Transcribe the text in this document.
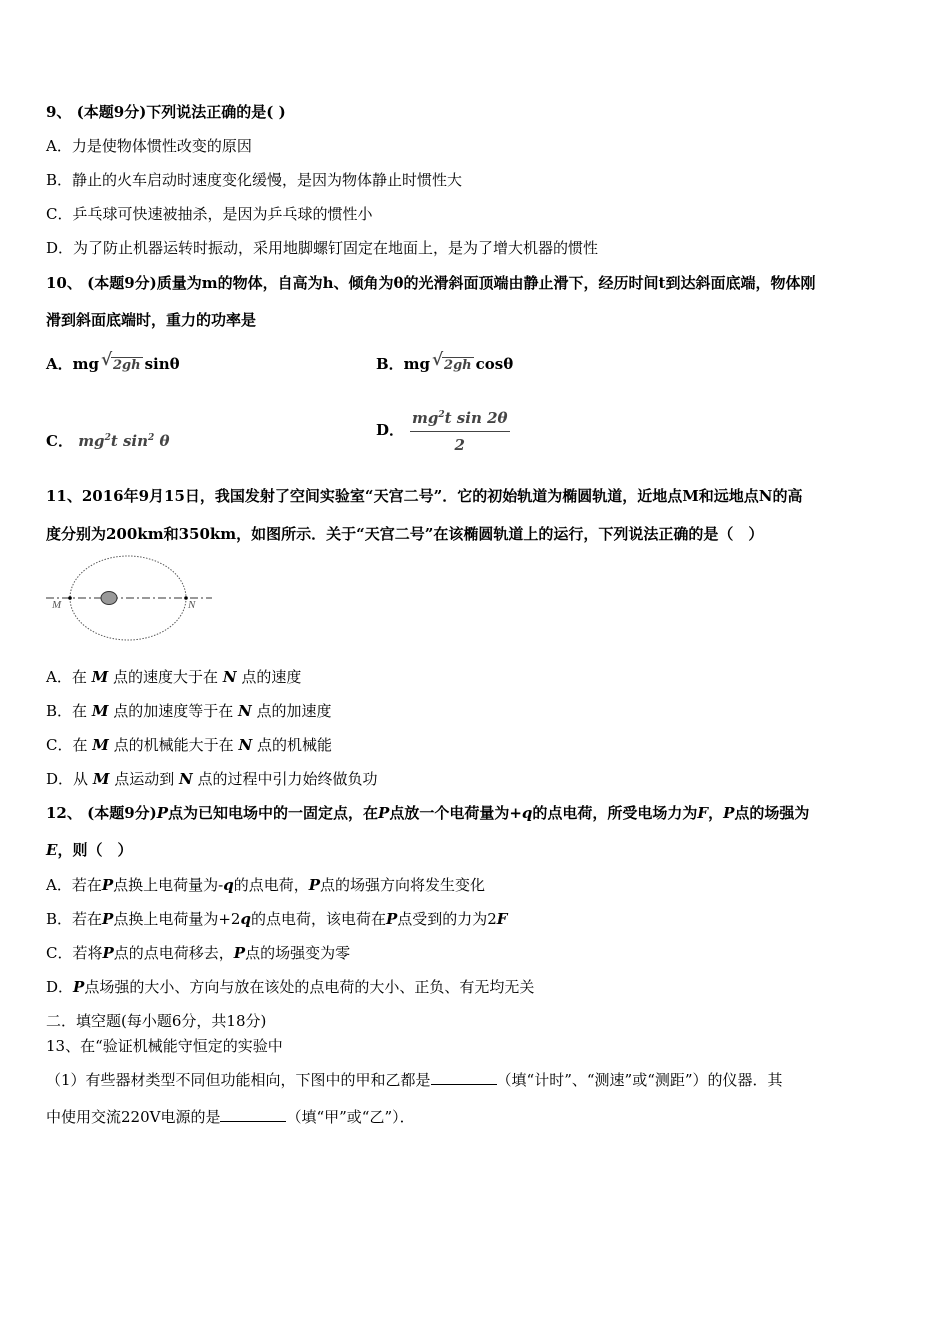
9、 (本题9分)下列说法正确的是( )
A．力是使物体惯性改变的原因
B．静止的火车启动时速度变化缓慢，是因为物体静止时惯性大
C．乒乓球可快速被抽杀，是因为乒乓球的惯性小
D．为了防止机器运转时振动，采用地脚螺钉固定在地面上，是为了增大机器的惯性
10、 (本题9分)质量为m的物体，自高为h、倾角为θ的光滑斜面顶端由静止滑下，经历时间t到达斜面底端，物体刚
滑到斜面底端时，重力的功率是
A．mg √ 2gh sinθ	B．mg √ 2gh cosθ
C． $mg^2t$ $\sin^2 \theta$
D． $\frac{mg^2t \sin 2\theta}{2}$
11、2016年9月15日，我国发射了空间实验室“天宫二号”．它的初始轨道为椭圆轨道，近地点M和远地点N的高
度分别为200km和350km，如图所示．关于“天宫二号”在该椭圆轨道上的运行，下列说法正确的是（　）
M	N
A．在 M 点的速度大于在 N 点的速度
B．在 M 点的加速度等于在 N 点的加速度
C．在 M 点的机械能大于在 N 点的机械能
D．从 M 点运动到 N 点的过程中引力始终做负功
12、 (本题9分)P点为已知电场中的一固定点，在P点放一个电荷量为+q的点电荷，所受电场力为F，P点的场强为
E，则（　）
A．若在P点换上电荷量为-q的点电荷，P点的场强方向将发生变化
B．若在P点换上电荷量为+2q的点电荷，该电荷在P点受到的力为2F
C．若将P点的点电荷移去，P点的场强变为零
D．P点场强的大小、方向与放在该处的点电荷的大小、正负、有无均无关
二．填空题(每小题6分，共18分)
13、在“验证机械能守恒定的实验中
（1）有些器材类型不同但功能相向，下图中的甲和乙都是	（填“计时”、“测速”或“测距”）的仪器．其
中使用交流220V电源的是	（填“甲”或“乙”）．
